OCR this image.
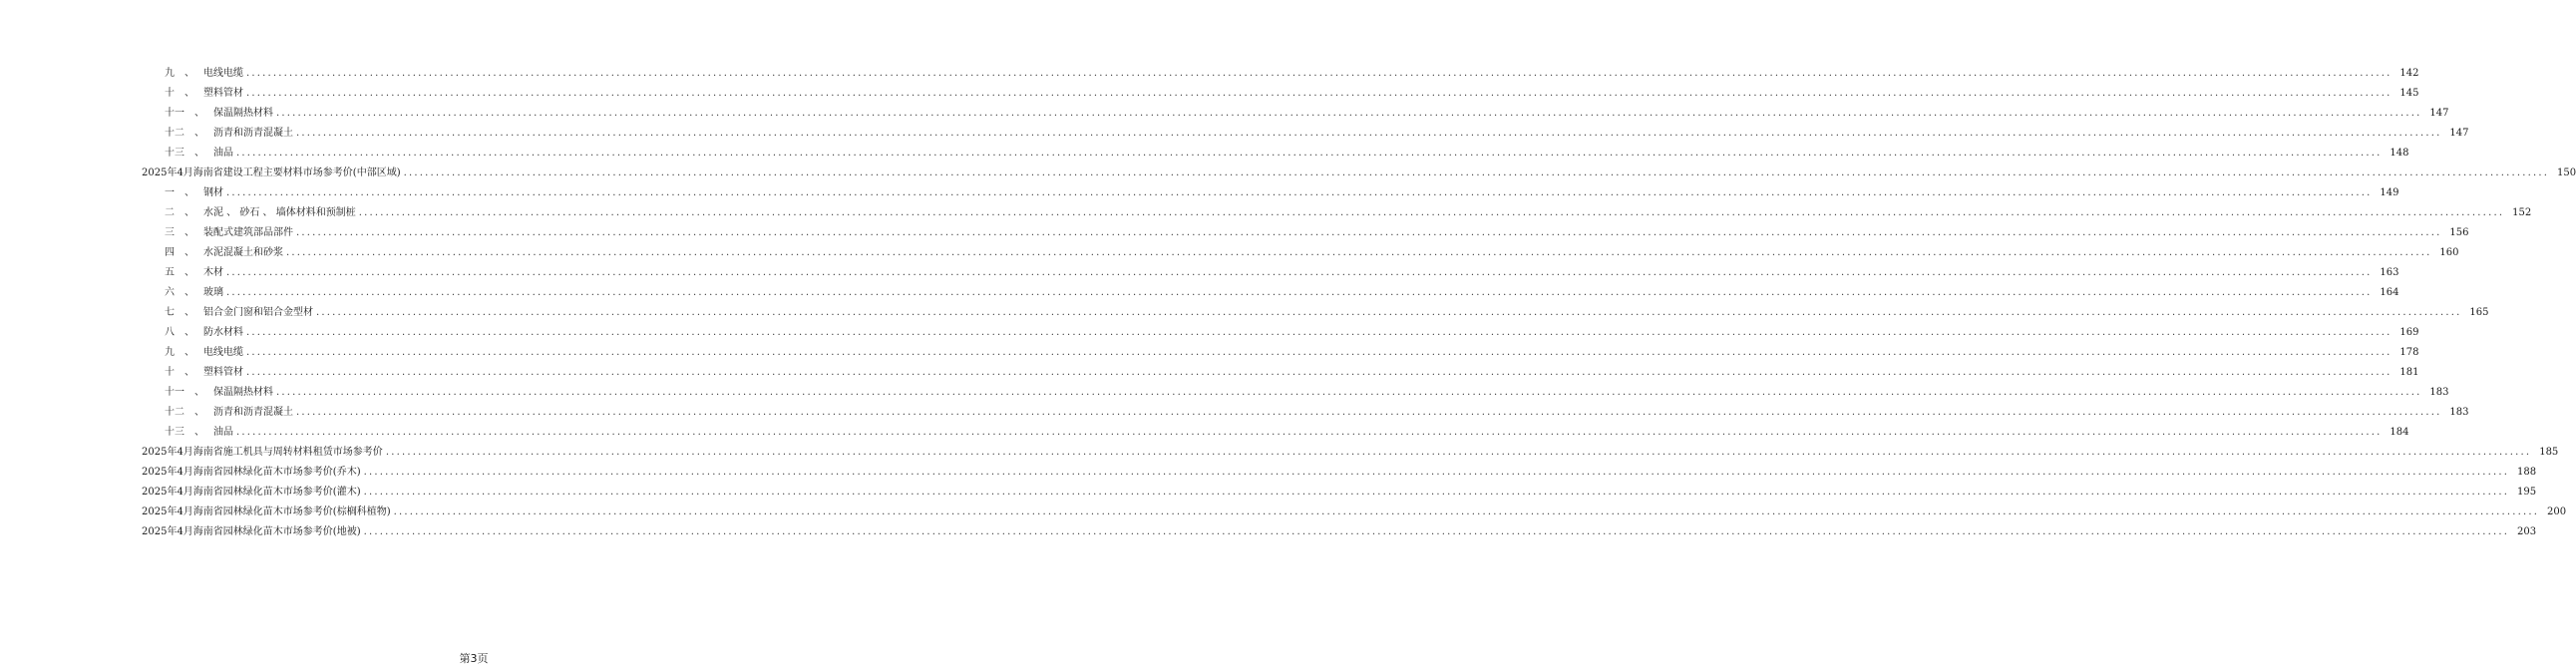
九 、 电线电缆 ................................................................................................................................................................................................................................................................................................................................................................................................................ 142
十 、 塑料管材 ................................................................................................................................................................................................................................................................................................................................................................................................................ 145
十一 、 保温隔热材料 ................................................................................................................................................................................................................................................................................................................................................................................................................ 147
十二 、 沥青和沥青混凝土 ................................................................................................................................................................................................................................................................................................................................................................................................................ 147
十三 、 油品 ................................................................................................................................................................................................................................................................................................................................................................................................................ 148
2025年4月海南省建设工程主要材料市场参考价(中部区域) ................................................................................................................................................................................................................................................................................................................................................................................................................ 150
一 、 钢材 ................................................................................................................................................................................................................................................................................................................................................................................................................ 149
二 、 水泥 、 砂石 、 墙体材料和预制桩 ................................................................................................................................................................................................................................................................................................................................................................................................................ 152
三 、 装配式建筑部品部件 ................................................................................................................................................................................................................................................................................................................................................................................................................ 156
四 、 水泥混凝土和砂浆 ................................................................................................................................................................................................................................................................................................................................................................................................................ 160
五 、 木材 ................................................................................................................................................................................................................................................................................................................................................................................................................ 163
六 、 玻璃 ................................................................................................................................................................................................................................................................................................................................................................................................................ 164
七 、 铝合金门窗和铝合金型材 ................................................................................................................................................................................................................................................................................................................................................................................................................ 165
八 、 防水材料 ................................................................................................................................................................................................................................................................................................................................................................................................................ 169
九 、 电线电缆 ................................................................................................................................................................................................................................................................................................................................................................................................................ 178
十 、 塑料管材 ................................................................................................................................................................................................................................................................................................................................................................................................................ 181
十一 、 保温隔热材料 ................................................................................................................................................................................................................................................................................................................................................................................................................ 183
十二 、 沥青和沥青混凝土 ................................................................................................................................................................................................................................................................................................................................................................................................................ 183
十三 、 油品 ................................................................................................................................................................................................................................................................................................................................................................................................................ 184
2025年4月海南省施工机具与周转材料租赁市场参考价 ................................................................................................................................................................................................................................................................................................................................................................................................................ 185
2025年4月海南省园林绿化苗木市场参考价(乔木) ................................................................................................................................................................................................................................................................................................................................................................................................................ 188
2025年4月海南省园林绿化苗木市场参考价(灌木) ................................................................................................................................................................................................................................................................................................................................................................................................................ 195
2025年4月海南省园林绿化苗木市场参考价(棕榈科植物) ................................................................................................................................................................................................................................................................................................................................................................................................................ 200
2025年4月海南省园林绿化苗木市场参考价(地被) ................................................................................................................................................................................................................................................................................................................................................................................................................ 203
第3页
